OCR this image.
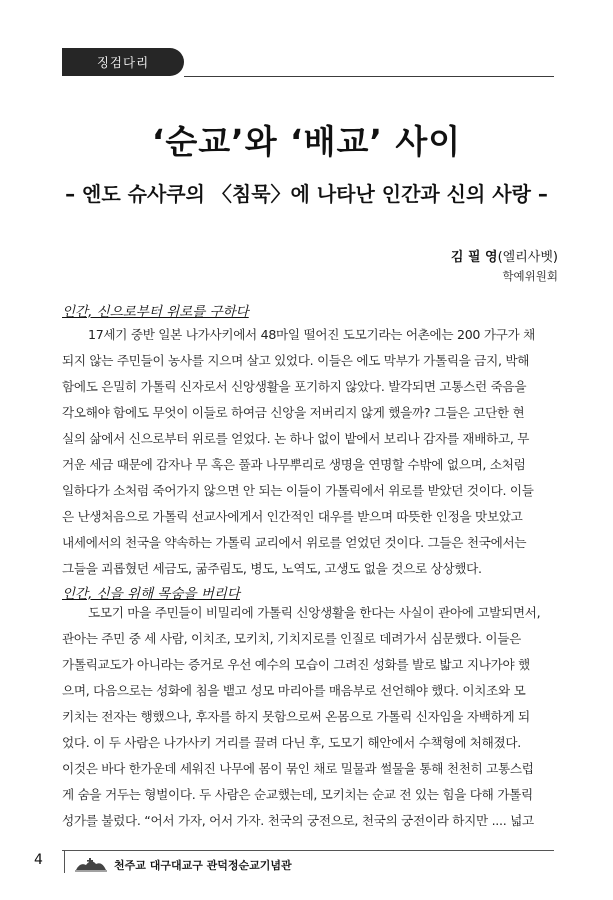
징검다리
‘순교’와 ‘배교’ 사이
– 엔도 슈사쿠의 〈침묵〉에 나타난 인간과 신의 사랑 –
김 필 영(엘리사벳)
학예위원회
인간, 신으로부터 위로를 구하다
17세기 중반 일본 나가사키에서 48마일 떨어진 도모기라는 어촌에는 200 가구가 채
되지 않는 주민들이 농사를 지으며 살고 있었다. 이들은 에도 막부가 가톨릭을 금지, 박해
함에도 은밀히 가톨릭 신자로서 신앙생활을 포기하지 않았다. 발각되면 고통스런 죽음을
각오해야 함에도 무엇이 이들로 하여금 신앙을 저버리지 않게 했을까? 그들은 고단한 현
실의 삶에서 신으로부터 위로를 얻었다. 논 하나 없이 밭에서 보리나 감자를 재배하고, 무
거운 세금 때문에 감자나 무 혹은 풀과 나무뿌리로 생명을 연명할 수밖에 없으며, 소처럼
일하다가 소처럼 죽어가지 않으면 안 되는 이들이 가톨릭에서 위로를 받았던 것이다. 이들
은 난생처음으로 가톨릭 선교사에게서 인간적인 대우를 받으며 따뜻한 인정을 맛보았고
내세에서의 천국을 약속하는 가톨릭 교리에서 위로를 얻었던 것이다. 그들은 천국에서는
그들을 괴롭혔던 세금도, 굶주림도, 병도, 노역도, 고생도 없을 것으로 상상했다.
인간, 신을 위해 목숨을 버리다
도모기 마을 주민들이 비밀리에 가톨릭 신앙생활을 한다는 사실이 관아에 고발되면서,
관아는 주민 중 세 사람, 이치조, 모키치, 기치지로를 인질로 데려가서 심문했다. 이들은
가톨릭교도가 아니라는 증거로 우선 예수의 모습이 그려진 성화를 발로 밟고 지나가야 했
으며, 다음으로는 성화에 침을 뱉고 성모 마리아를 매음부로 선언해야 했다. 이치조와 모
키치는 전자는 행했으나, 후자를 하지 못함으로써 온몸으로 가톨릭 신자임을 자백하게 되
었다. 이 두 사람은 나가사키 거리를 끌려 다닌 후, 도모기 해안에서 수책형에 처해졌다.
이것은 바다 한가운데 세워진 나무에 몸이 묶인 채로 밀물과 썰물을 통해 천천히 고통스럽
게 숨을 거두는 형벌이다. 두 사람은 순교했는데, 모키치는 순교 전 있는 힘을 다해 가톨릭
성가를 불렀다. “어서 가자, 어서 가자. 천국의 궁전으로, 천국의 궁전이라 하지만 .... 넓고
4	천주교 대구대교구 관덕정순교기념관
